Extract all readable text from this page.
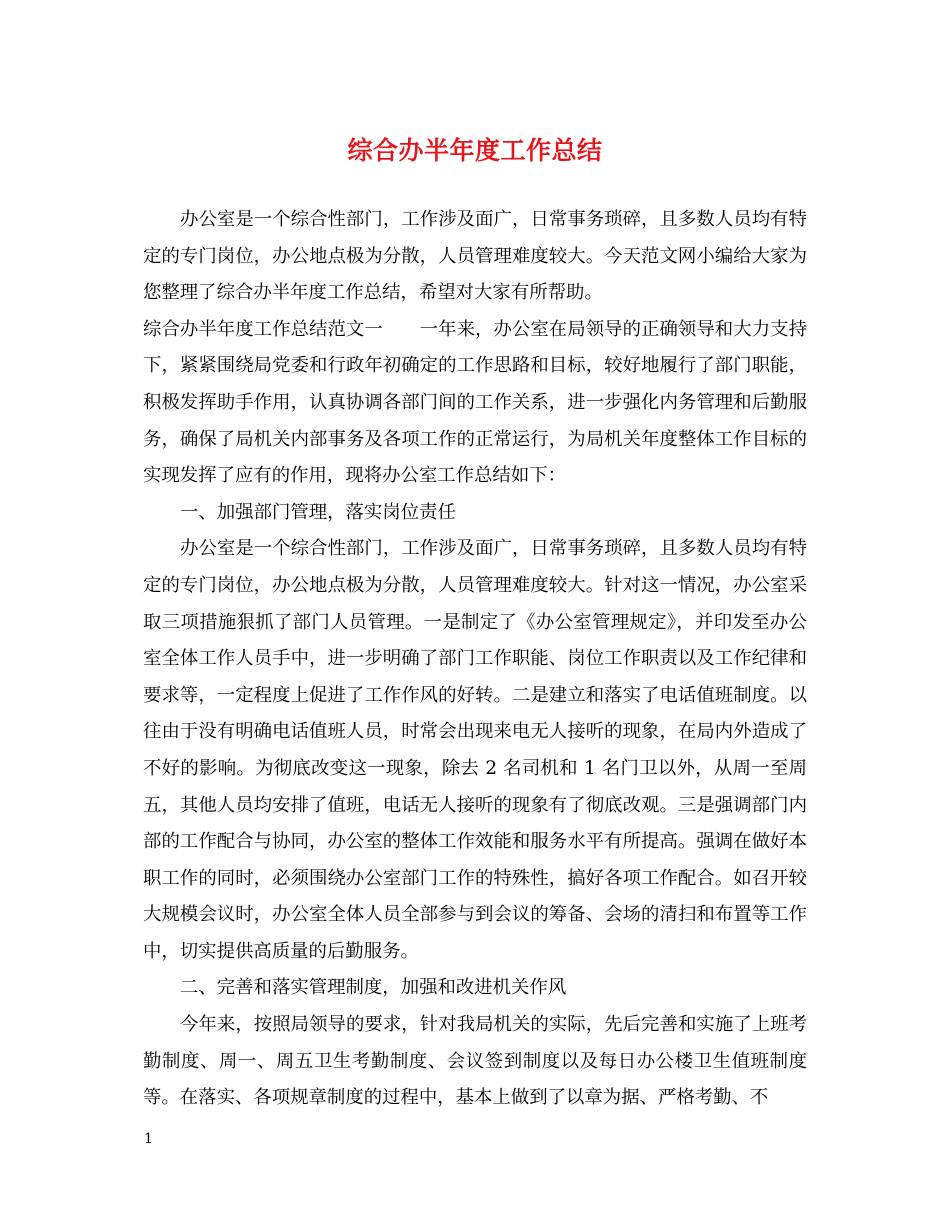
综合办半年度工作总结

办公室是一个综合性部门，工作涉及面广，日常事务琐碎，且多数人员均有特定的专门岗位，办公地点极为分散，人员管理难度较大。今天范文网小编给大家为您整理了综合办半年度工作总结，希望对大家有所帮助。

综合办半年度工作总结范文一　　一年来，办公室在局领导的正确领导和大力支持下，紧紧围绕局党委和行政年初确定的工作思路和目标，较好地履行了部门职能，积极发挥助手作用，认真协调各部门间的工作关系，进一步强化内务管理和后勤服务，确保了局机关内部事务及各项工作的正常运行，为局机关年度整体工作目标的实现发挥了应有的作用，现将办公室工作总结如下：

一、加强部门管理，落实岗位责任

办公室是一个综合性部门，工作涉及面广，日常事务琐碎，且多数人员均有特定的专门岗位，办公地点极为分散，人员管理难度较大。针对这一情况，办公室采取三项措施狠抓了部门人员管理。一是制定了《办公室管理规定》，并印发至办公室全体工作人员手中，进一步明确了部门工作职能、岗位工作职责以及工作纪律和要求等，一定程度上促进了工作作风的好转。二是建立和落实了电话值班制度。以往由于没有明确电话值班人员，时常会出现来电无人接听的现象，在局内外造成了不好的影响。为彻底改变这一现象，除去 2 名司机和 1 名门卫以外，从周一至周五，其他人员均安排了值班，电话无人接听的现象有了彻底改观。三是强调部门内部的工作配合与协同，办公室的整体工作效能和服务水平有所提高。强调在做好本职工作的同时，必须围绕办公室部门工作的特殊性，搞好各项工作配合。如召开较大规模会议时，办公室全体人员全部参与到会议的筹备、会场的清扫和布置等工作中，切实提供高质量的后勤服务。

二、完善和落实管理制度，加强和改进机关作风

今年来，按照局领导的要求，针对我局机关的实际，先后完善和实施了上班考勤制度、周一、周五卫生考勤制度、会议签到制度以及每日办公楼卫生值班制度等。在落实、各项规章制度的过程中，基本上做到了以章为据、严格考勤、不

1
